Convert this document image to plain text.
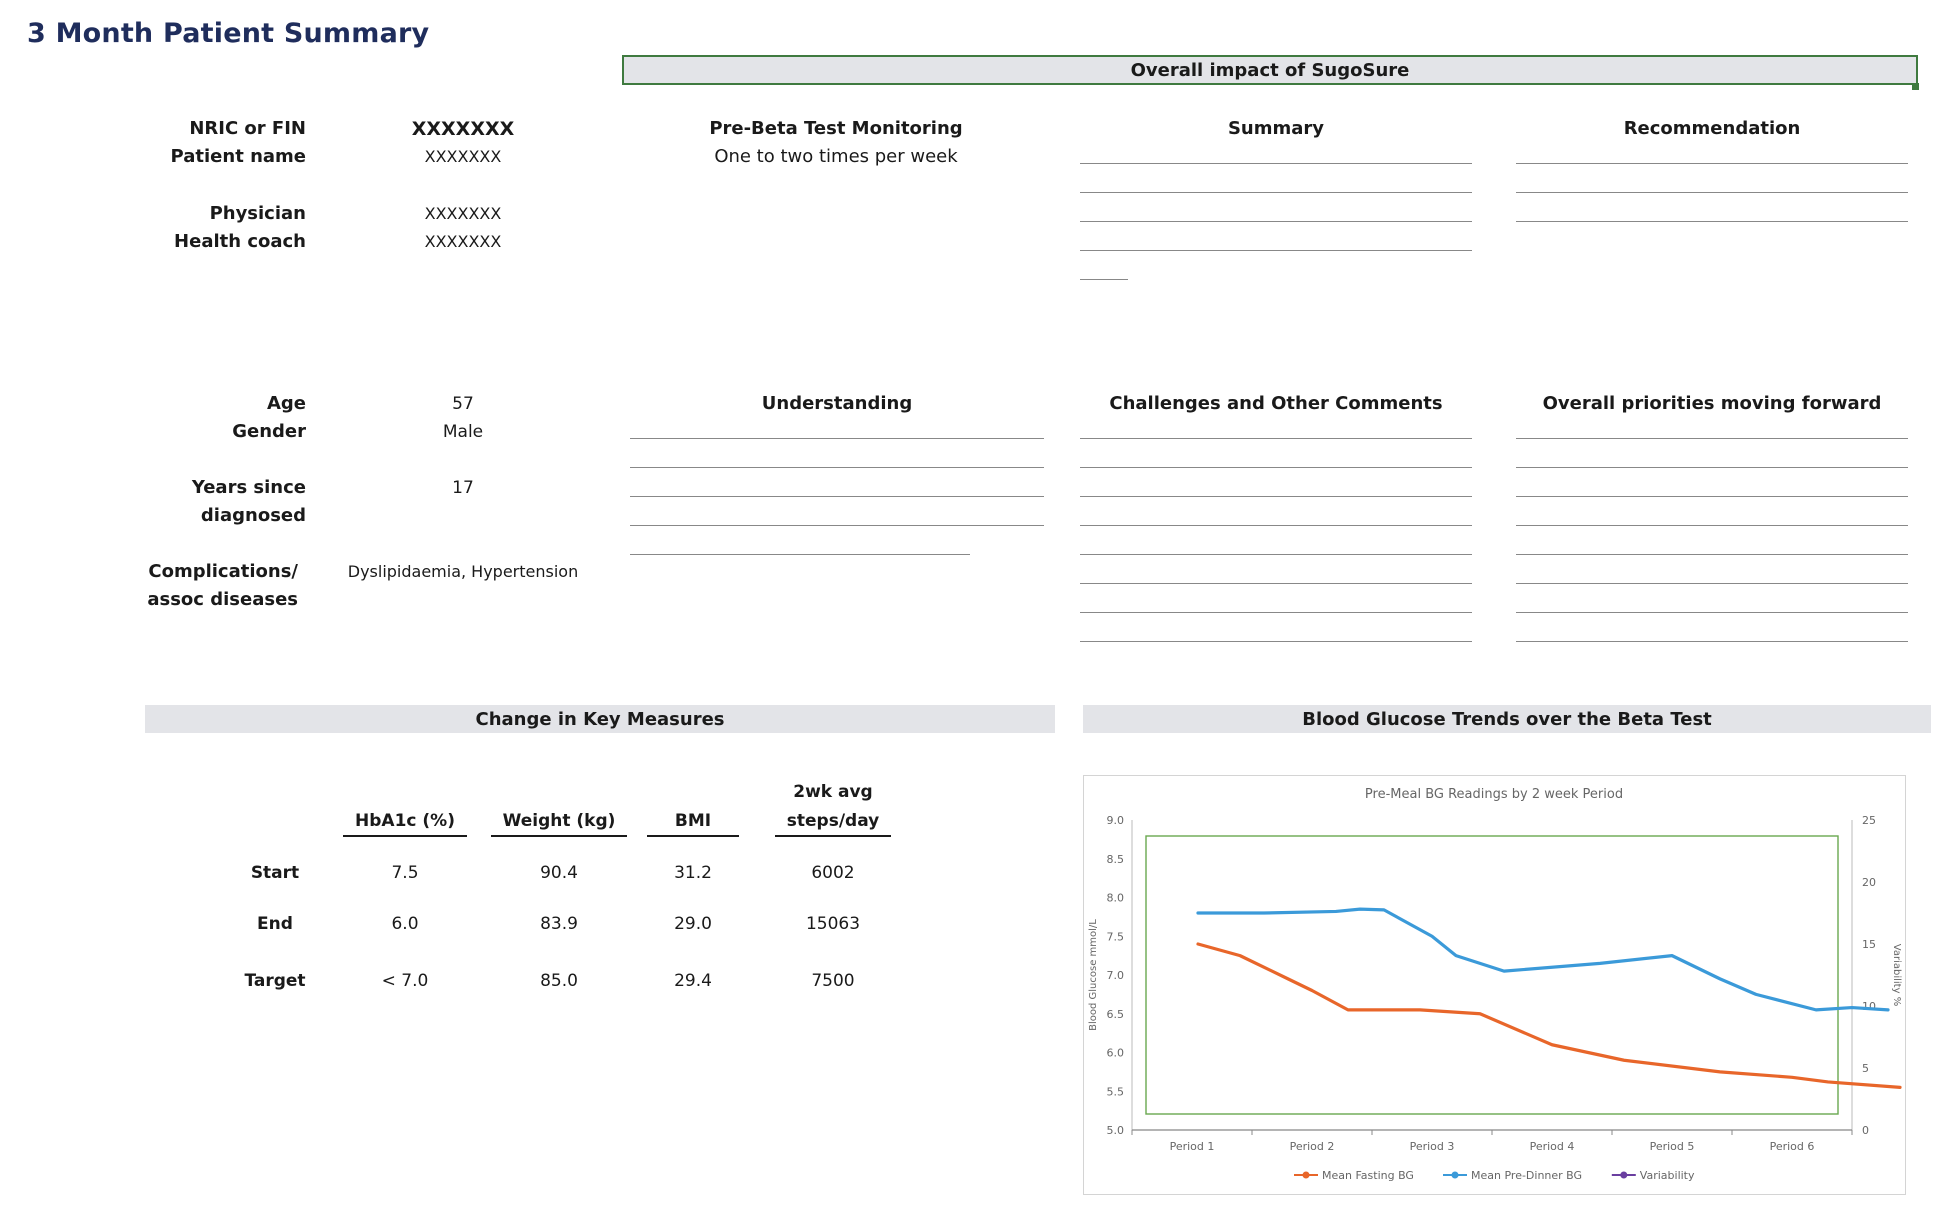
3 Month Patient Summary
Overall impact of SugoSure
NRIC or FIN	XXXXXXX
Patient name	XXXXXXX
Physician	XXXXXXX
Health coach	XXXXXXX
Age	57
Gender	Male
Years since
diagnosed
17
Complications/
assoc diseases
Dyslipidaemia, Hypertension
Pre-Beta Test Monitoring
One to two times per week
Summary	Recommendation
Understanding	Challenges and Other Comments	Overall priorities moving forward
Change in Key Measures	Blood Glucose Trends over the Beta Test
				2wk avg
	HbA1c (%)	Weight (kg)	BMI	steps/day
Start	7.5	90.4	31.2	6002
End	6.0	83.9	29.0	15063
Target	< 7.0	85.0	29.4	7500
Pre-Meal BG Readings by 2 week Period
5.0
5.5
6.0
6.5
7.0
7.5
8.0
8.5
9.0
0
5
10
15
20
25
Period 1	Period 2	Period 3	Period 4	Period 5	Period 6
Blood Glucose mmol/L	Variability %
Mean Fasting BG	Mean Pre-Dinner BG	Variability
